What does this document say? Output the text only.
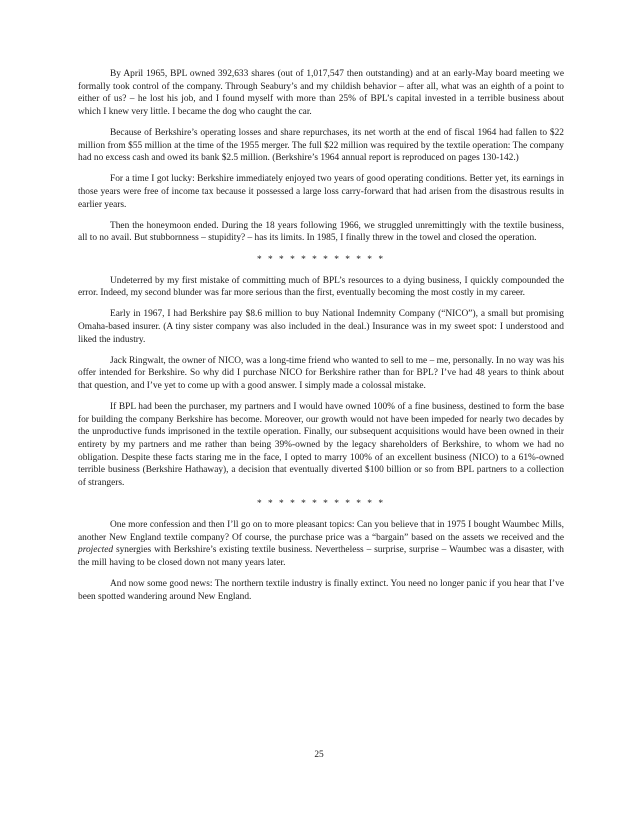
By April 1965, BPL owned 392,633 shares (out of 1,017,547 then outstanding) and at an early-May board meeting we formally took control of the company. Through Seabury’s and my childish behavior – after all, what was an eighth of a point to either of us? – he lost his job, and I found myself with more than 25% of BPL’s capital invested in a terrible business about which I knew very little. I became the dog who caught the car.

Because of Berkshire’s operating losses and share repurchases, its net worth at the end of fiscal 1964 had fallen to $22 million from $55 million at the time of the 1955 merger. The full $22 million was required by the textile operation: The company had no excess cash and owed its bank $2.5 million. (Berkshire’s 1964 annual report is reproduced on pages 130-142.)

For a time I got lucky: Berkshire immediately enjoyed two years of good operating conditions. Better yet, its earnings in those years were free of income tax because it possessed a large loss carry-forward that had arisen from the disastrous results in earlier years.

Then the honeymoon ended. During the 18 years following 1966, we struggled unremittingly with the textile business, all to no avail. But stubbornness – stupidity? – has its limits. In 1985, I finally threw in the towel and closed the operation.

* * * * * * * * * * * *

Undeterred by my first mistake of committing much of BPL’s resources to a dying business, I quickly compounded the error. Indeed, my second blunder was far more serious than the first, eventually becoming the most costly in my career.

Early in 1967, I had Berkshire pay $8.6 million to buy National Indemnity Company (“NICO”), a small but promising Omaha-based insurer. (A tiny sister company was also included in the deal.) Insurance was in my sweet spot: I understood and liked the industry.

Jack Ringwalt, the owner of NICO, was a long-time friend who wanted to sell to me – me, personally. In no way was his offer intended for Berkshire. So why did I purchase NICO for Berkshire rather than for BPL? I’ve had 48 years to think about that question, and I’ve yet to come up with a good answer. I simply made a colossal mistake.

If BPL had been the purchaser, my partners and I would have owned 100% of a fine business, destined to form the base for building the company Berkshire has become. Moreover, our growth would not have been impeded for nearly two decades by the unproductive funds imprisoned in the textile operation. Finally, our subsequent acquisitions would have been owned in their entirety by my partners and me rather than being 39%-owned by the legacy shareholders of Berkshire, to whom we had no obligation. Despite these facts staring me in the face, I opted to marry 100% of an excellent business (NICO) to a 61%-owned terrible business (Berkshire Hathaway), a decision that eventually diverted $100 billion or so from BPL partners to a collection of strangers.

* * * * * * * * * * * *

One more confession and then I’ll go on to more pleasant topics: Can you believe that in 1975 I bought Waumbec Mills, another New England textile company? Of course, the purchase price was a “bargain” based on the assets we received and the projected synergies with Berkshire’s existing textile business. Nevertheless – surprise, surprise – Waumbec was a disaster, with the mill having to be closed down not many years later.

And now some good news: The northern textile industry is finally extinct. You need no longer panic if you hear that I’ve been spotted wandering around New England.

25
